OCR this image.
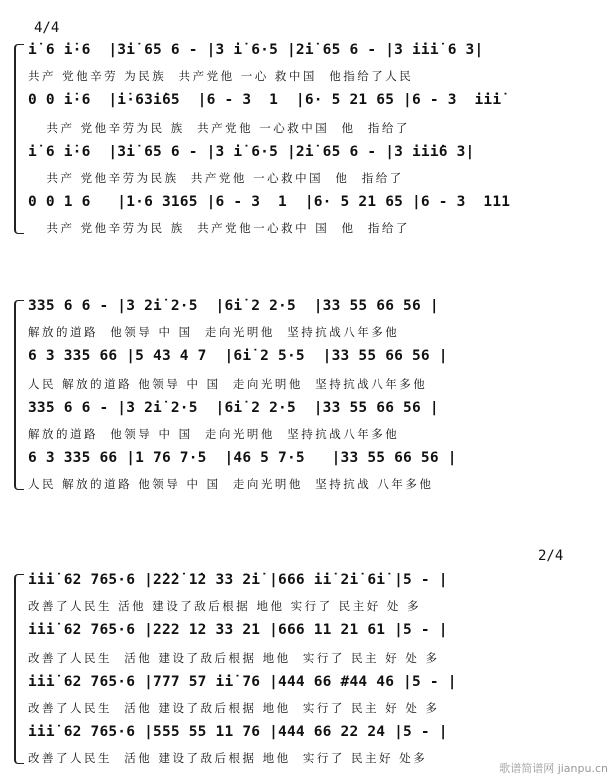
4/4
2/4
i̇ 6 i̇·6  |3i̇ 65 6 - |3 i̇ 6·5 |2̇i̇ 65 6 - |3 i̇i̇i̇ 6 3|
共产 党他辛劳 为民族  共产党他 一心 救中国  他指给了人民
0 0 i̇·6  |i̇·63i̇65  |6 - 3  1  |6· 5 21 65 |6 - 3  i̇i̇i̇
共产 党他辛劳为民 族  共产党他 一心救中国  他  指给了
i̇ 6 i̇·6  |3i̇ 65 6 - |3 i̇ 6·5 |2̇i̇ 65 6 - |3 i̇i̇i̇6 3|
共产 党他辛劳为民族  共产党他 一心救中国  他  指给了
0 0 1 6   |1·6 3165 |6 - 3  1  |6· 5 21 65 |6 - 3  111
共产 党他辛劳为民 族  共产党他一心救中 国  他  指给了
335 6 6 - |3 2i̇ 2·5  |6i̇ 2 2·5  |33 55 66 56 |
解放的道路  他领导 中 国  走向光明他  坚持抗战八年多他
6 3 335 66 |5 43 4 7  |6i̇ 2 5·5  |33 55 66 56 |
人民 解放的道路 他领导 中 国  走向光明他  坚持抗战八年多他
335 6 6 - |3 2i̇ 2·5  |6i̇ 2 2·5  |33 55 66 56 |
解放的道路  他领导 中 国  走向光明他  坚持抗战八年多他
6 3 335 66 |1 76 7·5  |46 5 7·5   |33 55 66 56 |
人民 解放的道路 他领导 中 国  走向光明他  坚持抗战 八年多他
i̇i̇i̇ 62 765·6 |2̇2̇2̇ 1̇2 33 2̇i̇ |666 i̇i̇ 2̇i̇ 6i̇ |5 - |
改善了人民生 活他 建设了敌后根据 地他 实行了 民主好 处 多
i̇i̇i̇ 62 765·6 |222 12 33 21 |666 11 21 61 |5 - |
改善了人民生  活他 建设了敌后根据 地他  实行了 民主 好 处 多
i̇i̇i̇ 62 765·6 |777 57 i̇i̇ 76 |444 66 #44 46 |5 - |
改善了人民生  活他 建设了敌后根据 地他  实行了 民主 好 处 多
i̇i̇i̇ 62 765·6 |555 55 11 76 |444 66 22 24 |5 - |
改善了人民生  活他 建设了敌后根据 地他  实行了 民主好 处多
歌谱简谱网 jianpu.cn
